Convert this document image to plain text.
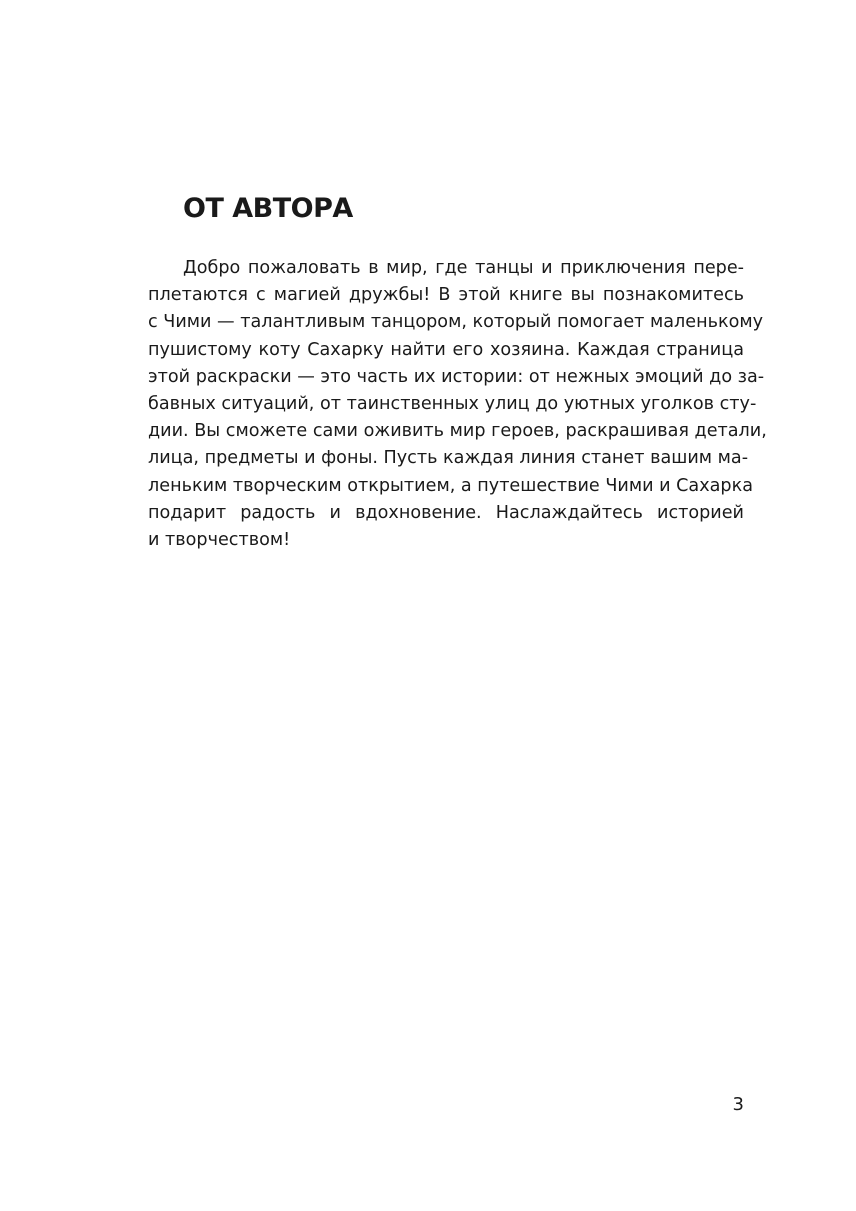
ОТ АВТОРА
Добро пожаловать в мир, где танцы и приключения пере-
плетаются с магией дружбы! В этой книге вы познакомитесь
с Чими — талантливым танцором, который помогает маленькому
пушистому коту Сахарку найти его хозяина. Каждая страница
этой раскраски — это часть их истории: от нежных эмоций до за-
бавных ситуаций, от таинственных улиц до уютных уголков сту-
дии. Вы сможете сами оживить мир героев, раскрашивая детали,
лица, предметы и фоны. Пусть каждая линия станет вашим ма-
леньким творческим открытием, а путешествие Чими и Сахарка
подарит радость и вдохновение. Наслаждайтесь историей
и творчеством!
3
